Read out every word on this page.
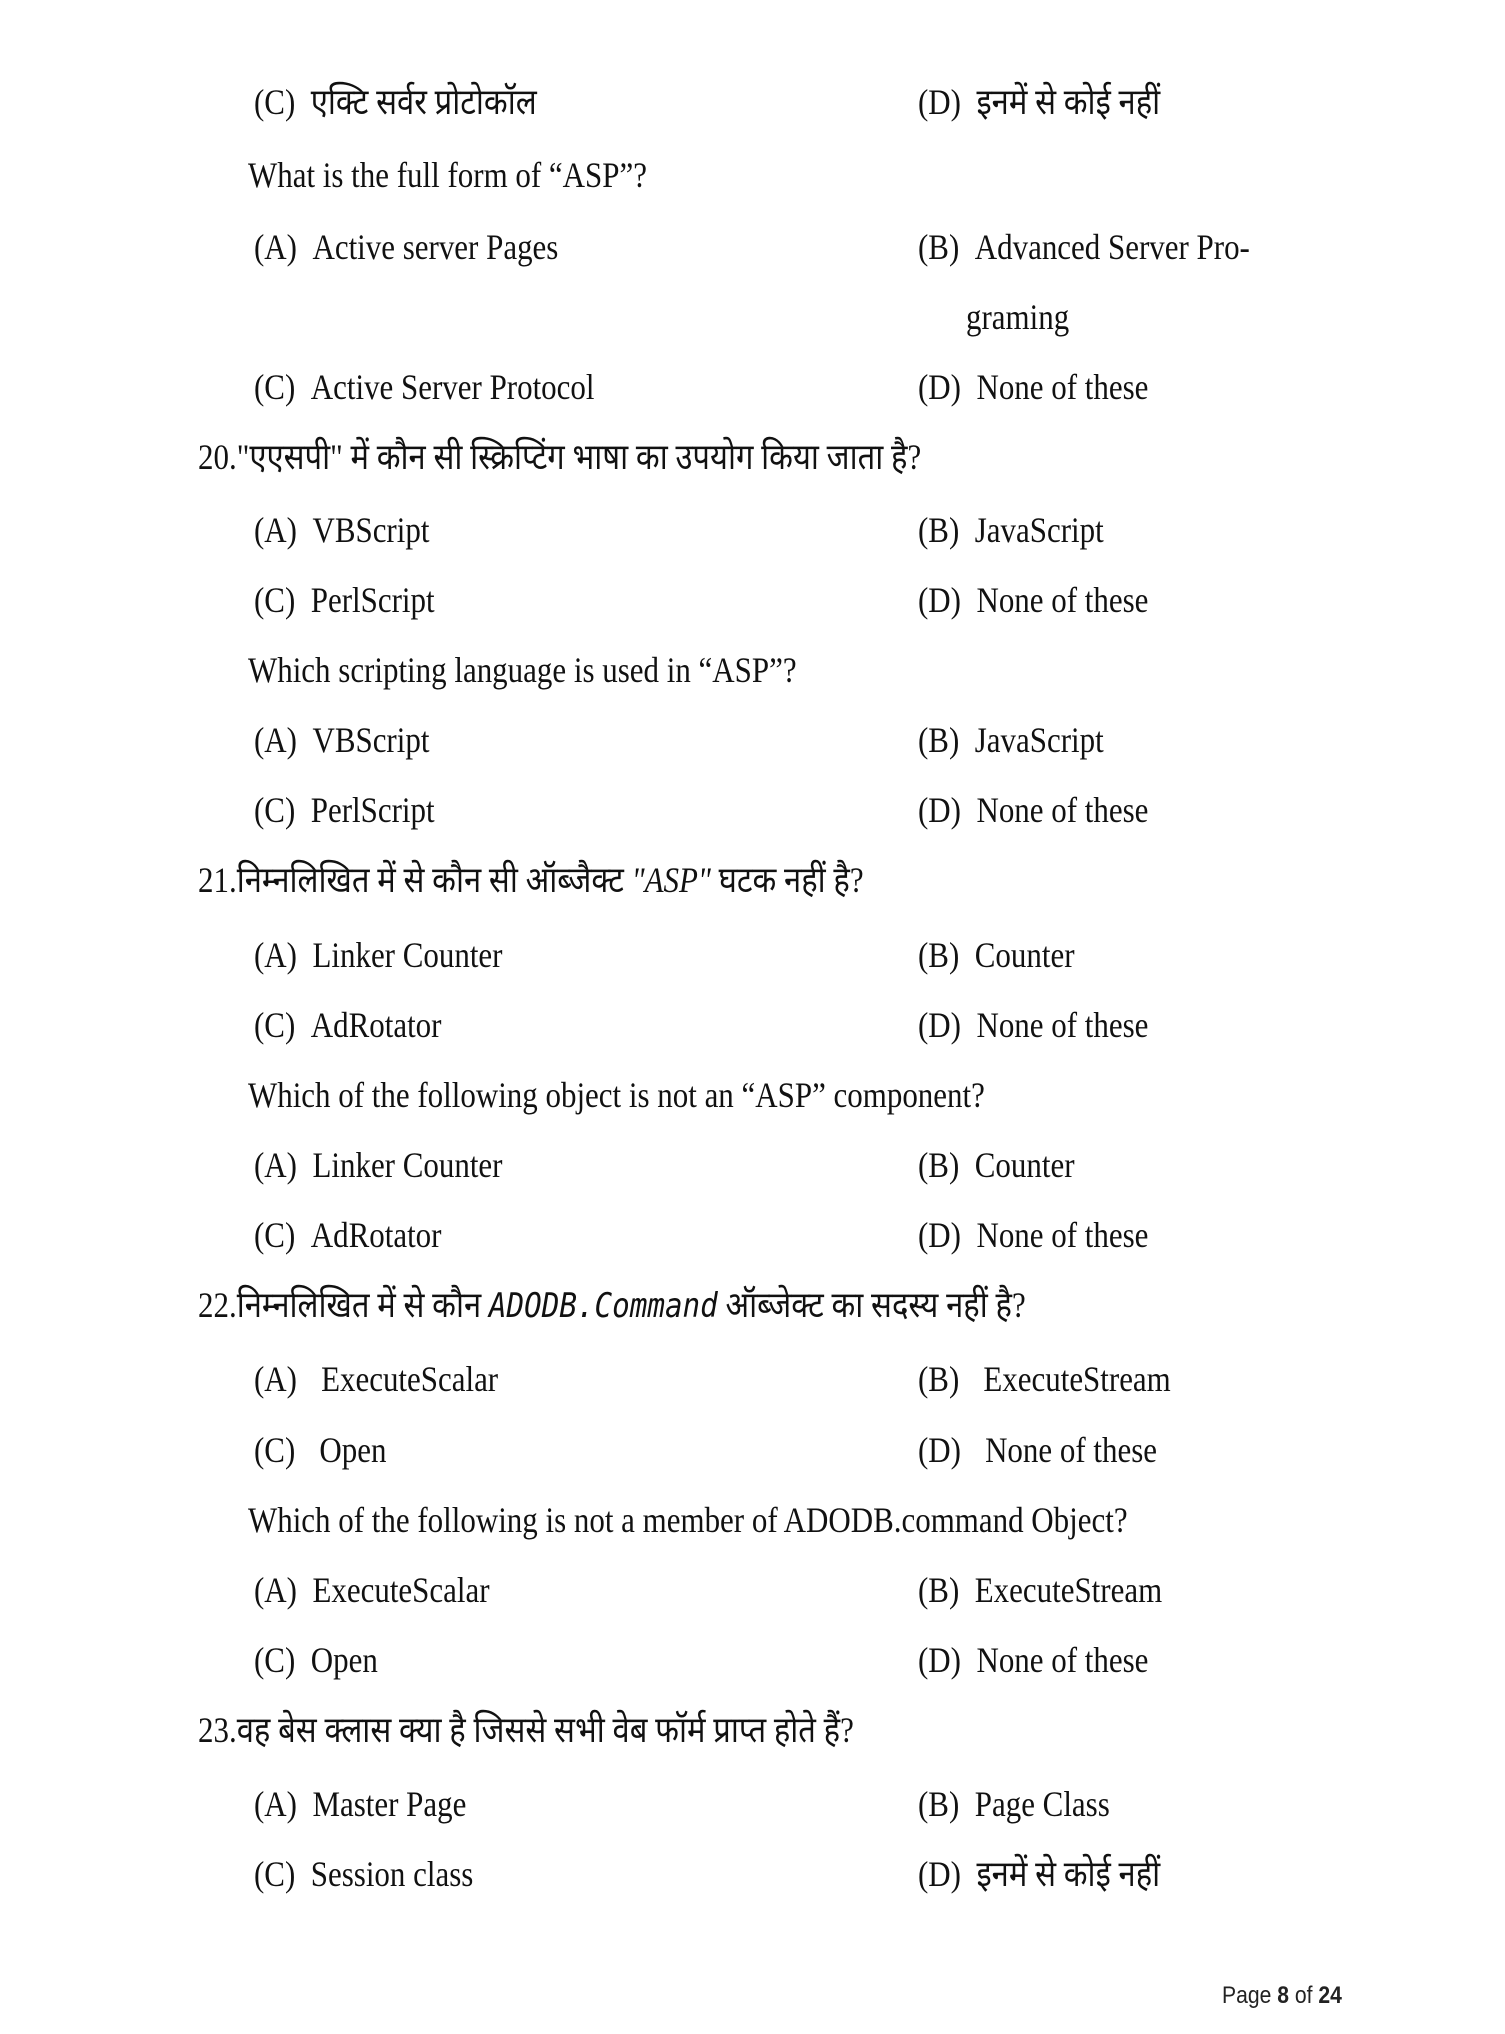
(C) एक्टि सर्वर प्रोटोकॉल	(D) इनमें से कोई नहीं
What is the full form of “ASP”?
(A) Active server Pages	(B) Advanced Server Pro-
graming
(C) Active Server Protocol	(D) None of these
20."एएसपी" में कौन सी स्क्रिप्टिंग भाषा का उपयोग किया जाता है?
(A) VBScript	(B) JavaScript
(C) PerlScript	(D) None of these
Which scripting language is used in “ASP”?
(A) VBScript	(B) JavaScript
(C) PerlScript	(D) None of these
21.निम्नलिखित में से कौन सी ऑब्जैक्ट "ASP" घटक नहीं है?
(A) Linker Counter	(B) Counter
(C) AdRotator	(D) None of these
Which of the following object is not an “ASP” component?
(A) Linker Counter	(B) Counter
(C) AdRotator	(D) None of these
22.निम्नलिखित में से कौन ADODB.Command ऑब्जेक्ट का सदस्य नहीं है?
(A) ExecuteScalar	(B) ExecuteStream
(C) Open	(D) None of these
Which of the following is not a member of ADODB.command Object?
(A) ExecuteScalar	(B) ExecuteStream
(C) Open	(D) None of these
23.वह बेस क्लास क्या है जिससे सभी वेब फॉर्म प्राप्त होते हैं?
(A) Master Page	(B) Page Class
(C) Session class	(D) इनमें से कोई नहीं
Page 8 of 24
